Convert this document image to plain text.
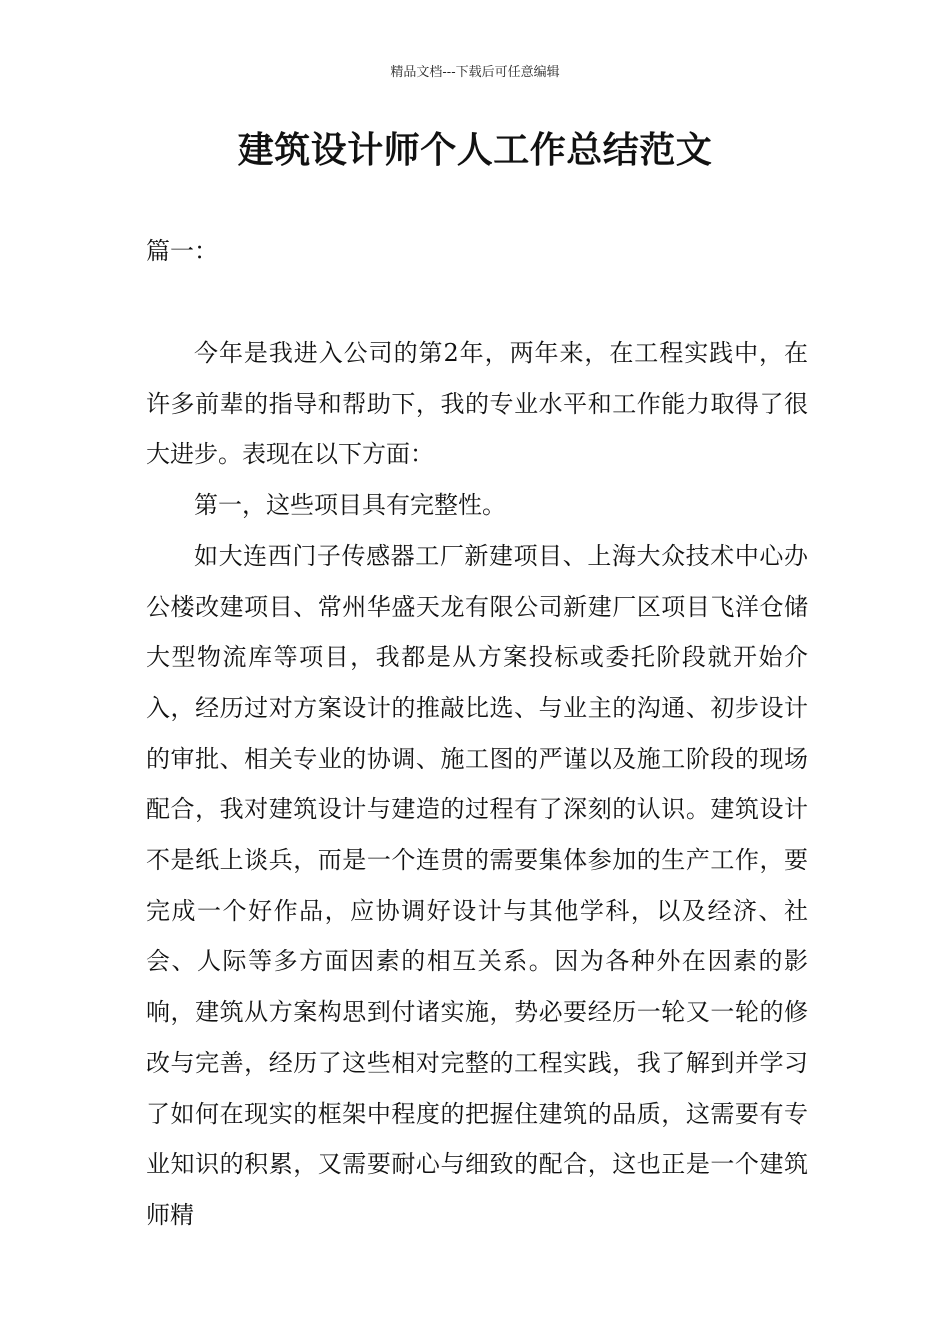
精品文档---下载后可任意编辑
建筑设计师个人工作总结范文
篇一：

今年是我进入公司的第2年，两年来，在工程实践中，在许多前辈的指导和帮助下，我的专业水平和工作能力取得了很大进步。表现在以下方面：

第一，这些项目具有完整性。

如大连西门子传感器工厂新建项目、上海大众技术中心办公楼改建项目、常州华盛天龙有限公司新建厂区项目飞洋仓储大型物流库等项目，我都是从方案投标或委托阶段就开始介入，经历过对方案设计的推敲比选、与业主的沟通、初步设计的审批、相关专业的协调、施工图的严谨以及施工阶段的现场配合，我对建筑设计与建造的过程有了深刻的认识。建筑设计不是纸上谈兵，而是一个连贯的需要集体参加的生产工作，要完成一个好作品，应协调好设计与其他学科，以及经济、社会、人际等多方面因素的相互关系。因为各种外在因素的影响，建筑从方案构思到付诸实施，势必要经历一轮又一轮的修改与完善，经历了这些相对完整的工程实践，我了解到并学习了如何在现实的框架中程度的把握住建筑的品质，这需要有专业知识的积累，又需要耐心与细致的配合，这也正是一个建筑师精
